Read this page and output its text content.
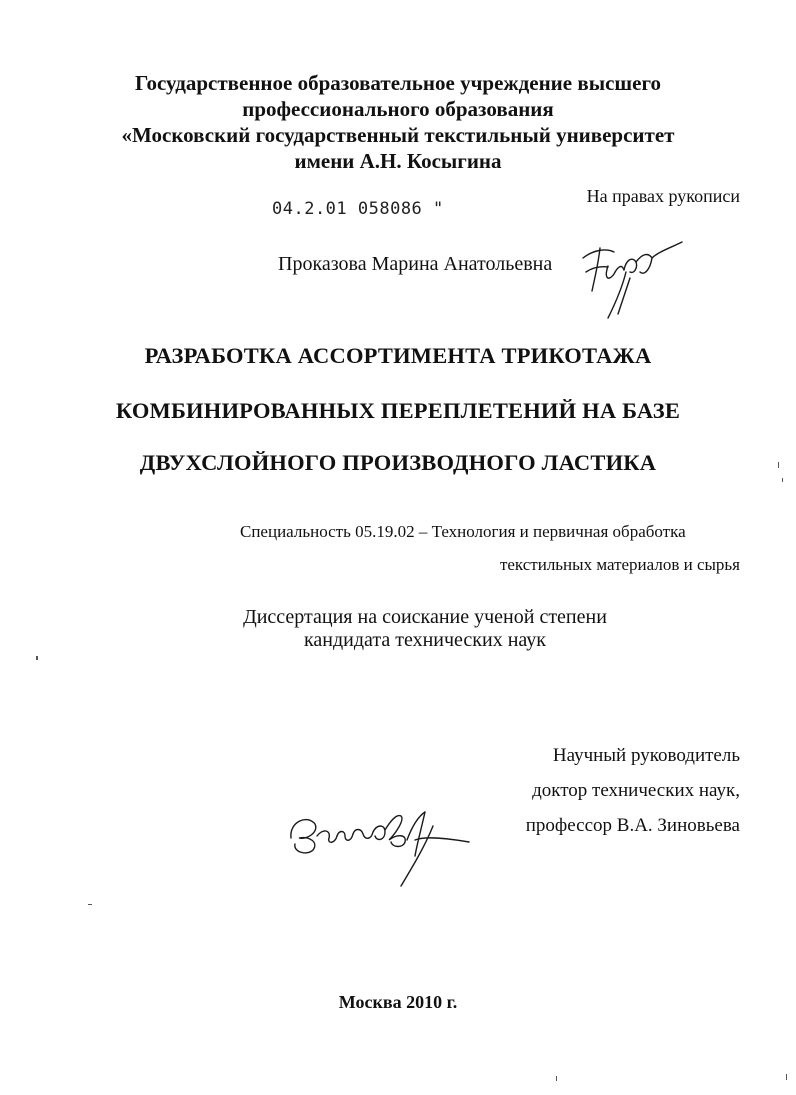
Государственное образовательное учреждение высшего
профессионального образования
«Московский государственный текстильный университет
имени А.Н. Косыгина
04.2.01 058086 "
На правах рукописи
Проказова Марина Анатольевна
РАЗРАБОТКА АССОРТИМЕНТА ТРИКОТАЖА
КОМБИНИРОВАННЫХ ПЕРЕПЛЕТЕНИЙ НА БАЗЕ
ДВУХСЛОЙНОГО ПРОИЗВОДНОГО ЛАСТИКА
Специальность 05.19.02 – Технология и первичная обработка
текстильных материалов и сырья
Диссертация на соискание ученой степени
кандидата технических наук
Научный руководитель
доктор технических наук,
профессор В.А. Зиновьева
Москва 2010 г.
